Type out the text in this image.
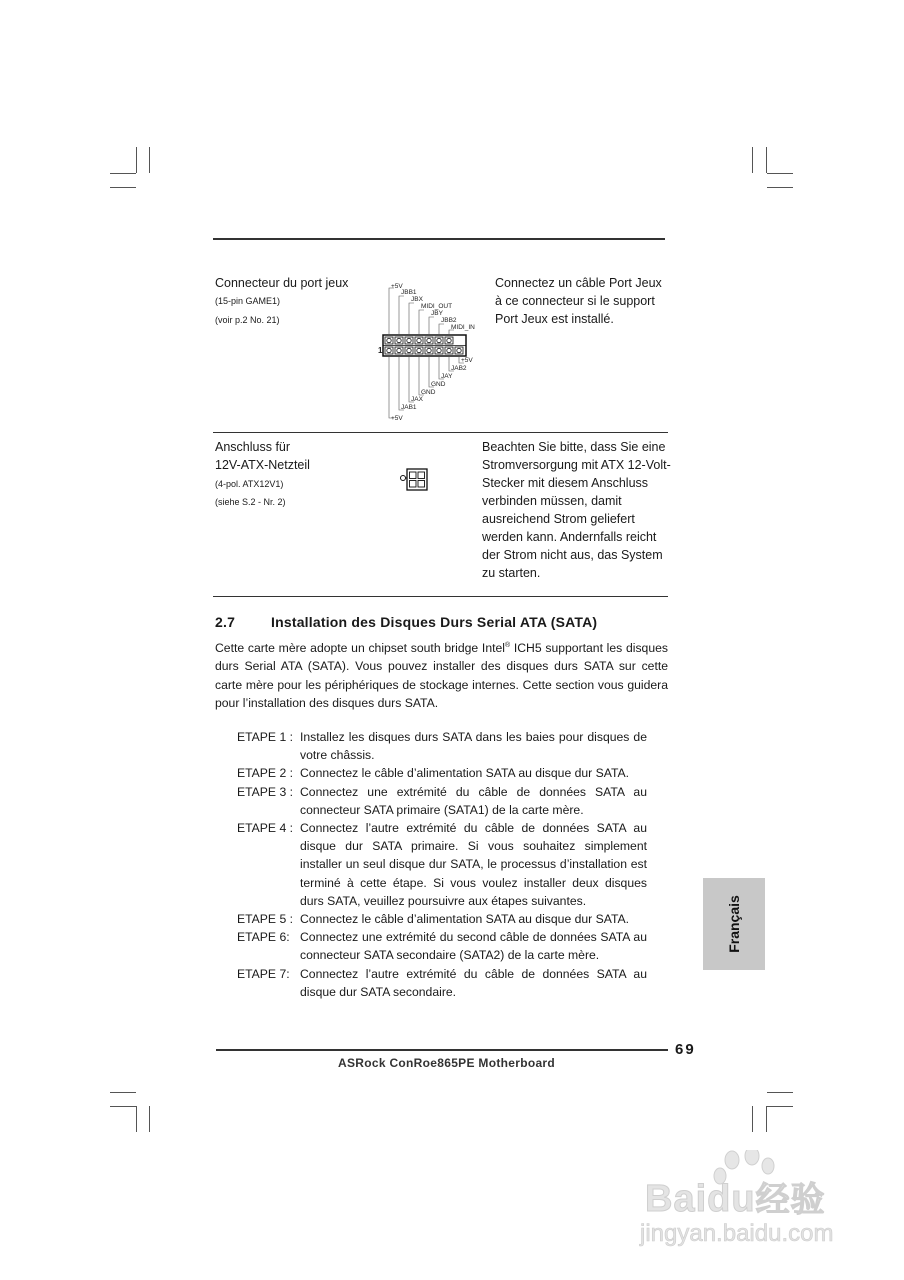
Connecteur du port jeux
(15-pin GAME1)
(voir p.2 No. 21)
1
+5V
JBB1
JBX
MIDI_OUT
JBY
JBB2
MIDI_IN
+5V
JAB2
JAY
GND
GND
JAX
JAB1
+5V
Connectez un câble Port Jeux
à ce connecteur si le support
Port Jeux est installé.
Anschluss für
12V-ATX-Netzteil
(4-pol. ATX12V1)
(siehe S.2 - Nr. 2)
Beachten Sie bitte, dass Sie eine
Stromversorgung mit ATX 12-Volt-
Stecker mit diesem Anschluss
verbinden müssen, damit
ausreichend Strom geliefert
werden kann. Andernfalls reicht
der Strom nicht aus, das System
zu starten.
2.7	Installation des Disques Durs Serial ATA (SATA)
Cette carte mère adopte un chipset south bridge Intel® ICH5 supportant les disques durs Serial ATA (SATA). Vous pouvez installer des disques durs SATA sur cette carte mère pour les périphériques de stockage internes. Cette section vous guidera pour l’installation des disques durs SATA.
ETAPE 1 : Installez les disques durs SATA dans les baies pour disques de votre châssis.
ETAPE 2 : Connectez le câble d’alimentation SATA au disque dur SATA.
ETAPE 3 : Connectez une extrémité du câble de données SATA au connecteur SATA primaire (SATA1) de la carte mère.
ETAPE 4 : Connectez l’autre extrémité du câble de données SATA au disque dur SATA primaire. Si vous souhaitez simplement installer un seul disque dur SATA, le processus d’installation est terminé à cette étape. Si vous voulez installer deux disques durs SATA, veuillez poursuivre aux étapes suivantes.
ETAPE 5 : Connectez le câble d’alimentation SATA au disque dur SATA.
ETAPE 6: Connectez une extrémité du second câble de données SATA au connecteur SATA secondaire (SATA2) de la carte mère.
ETAPE 7: Connectez l’autre extrémité du câble de données SATA au disque dur SATA secondaire.
Français
69
ASRock ConRoe865PE Motherboard
Baidu经验
jingyan.baidu.com
